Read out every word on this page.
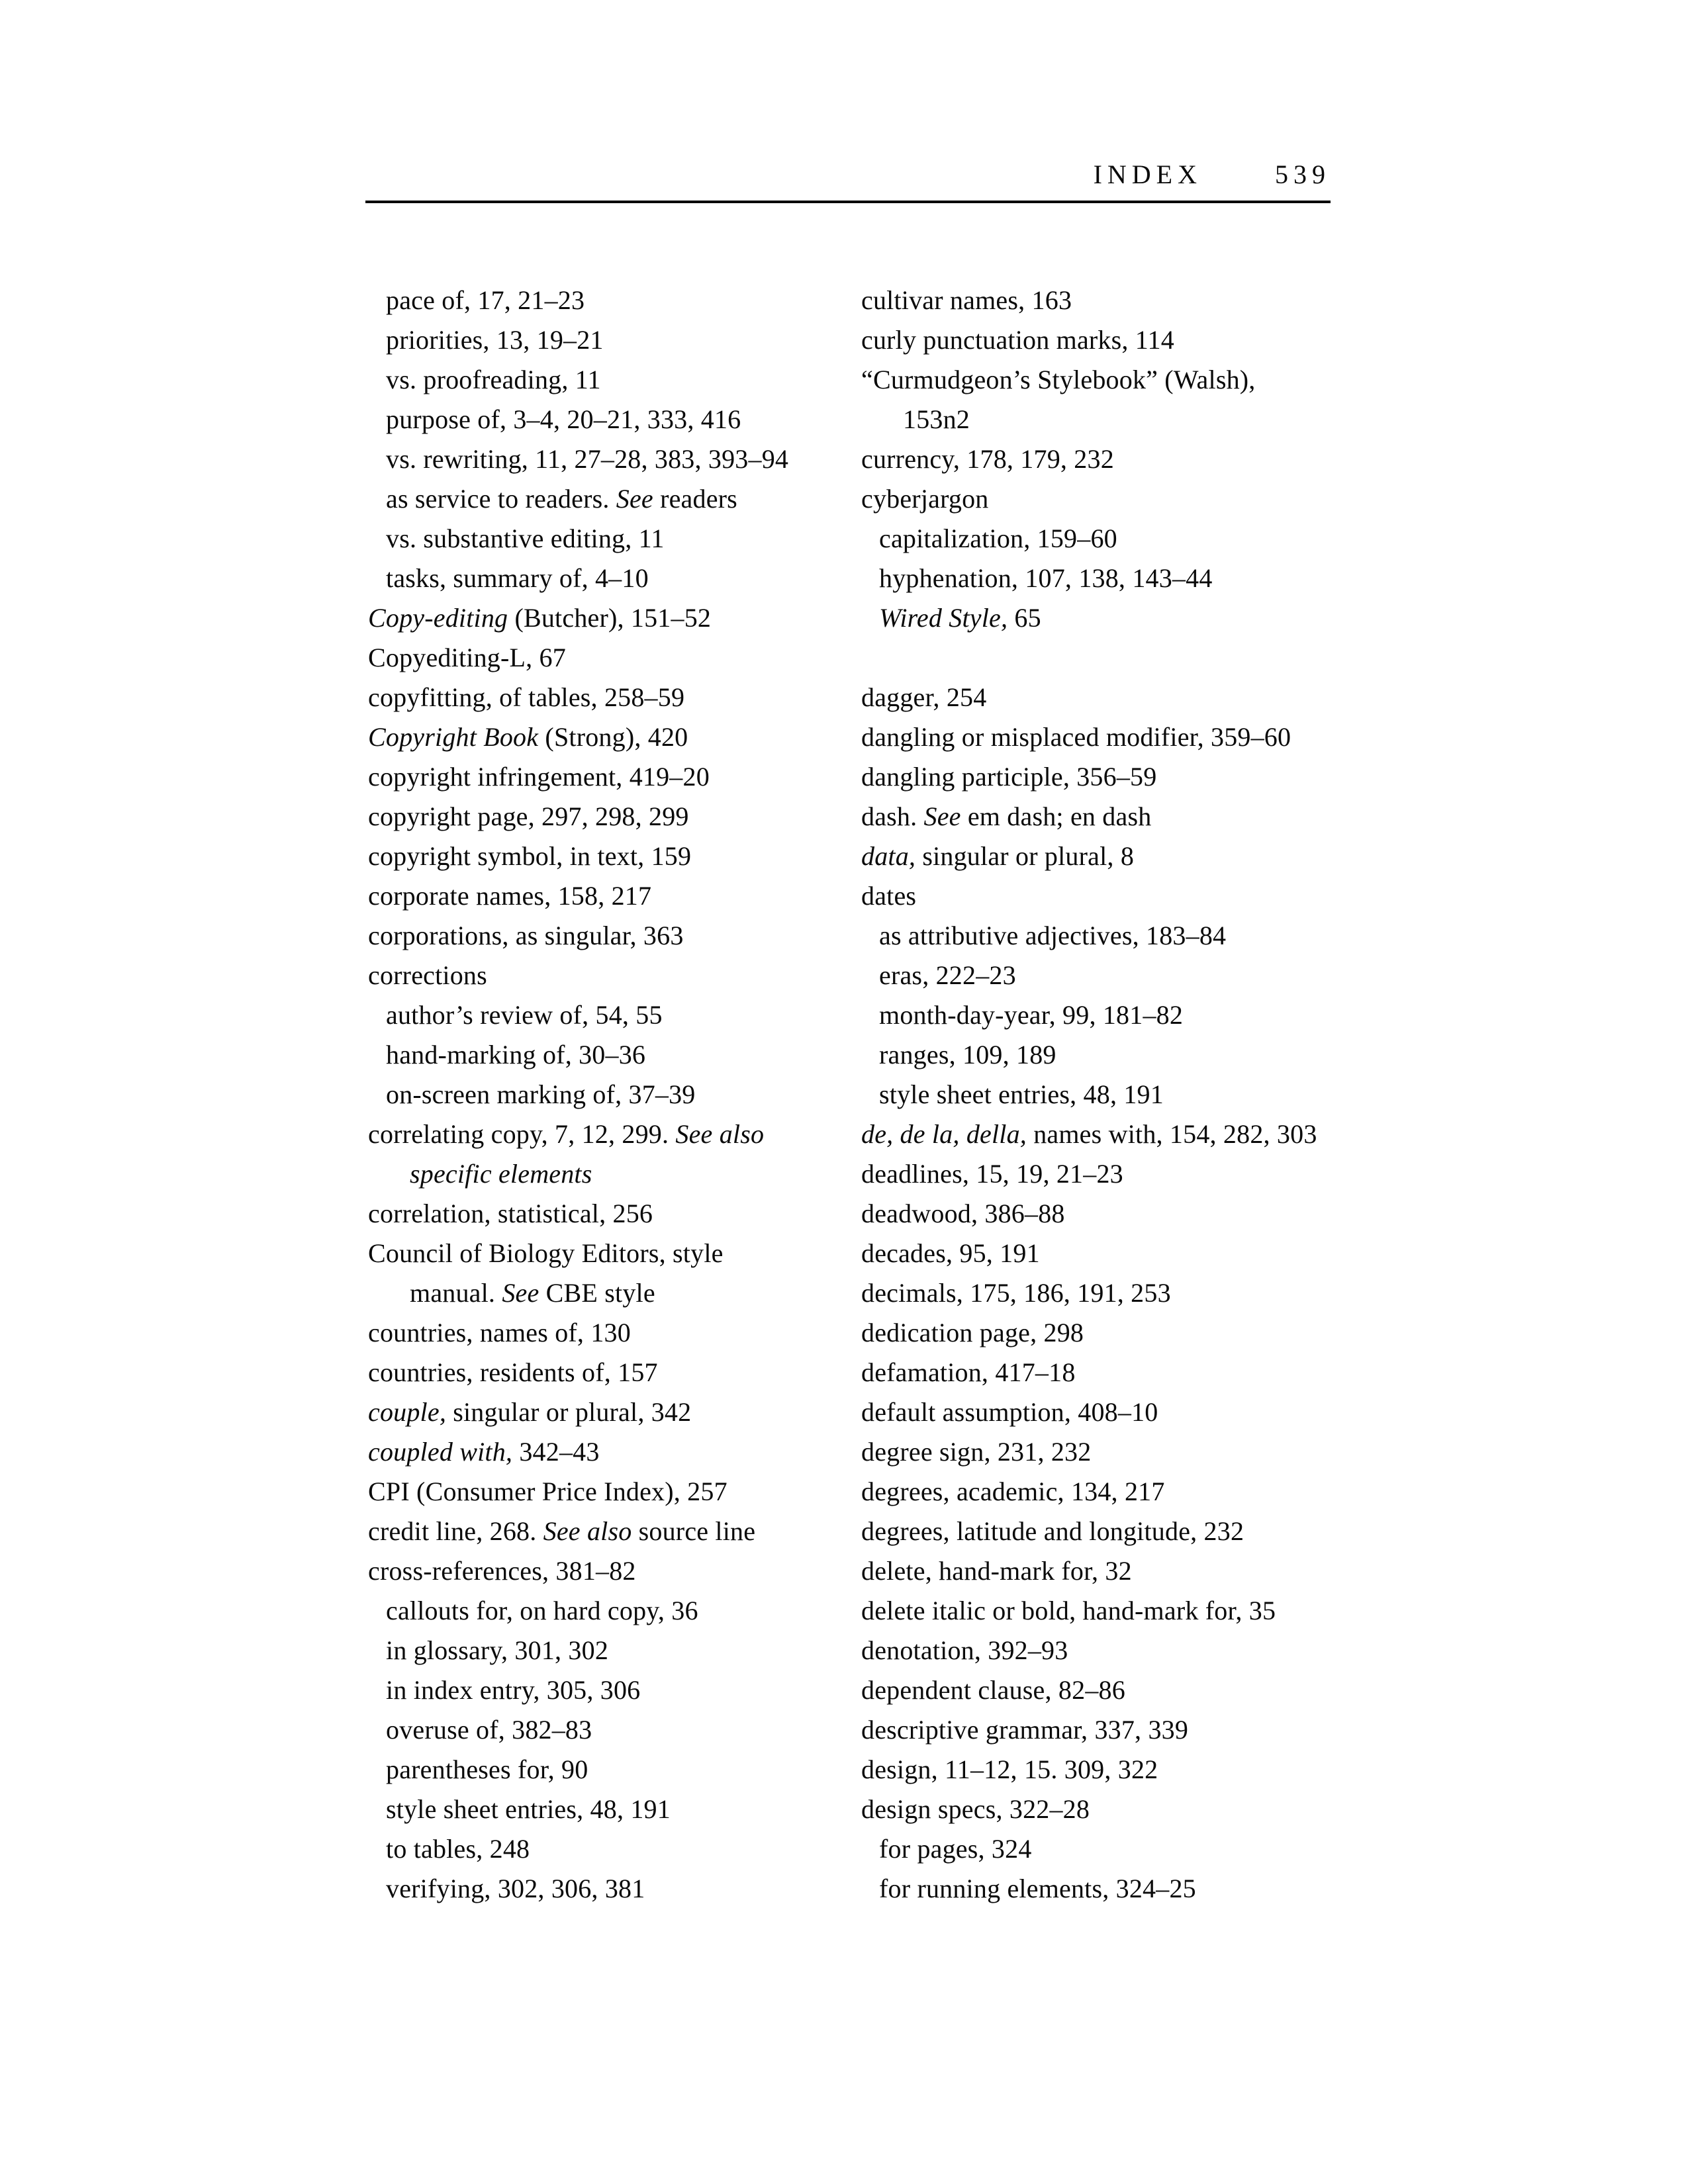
INDEX	539
pace of, 17, 21–23
priorities, 13, 19–21
vs. proofreading, 11
purpose of, 3–4, 20–21, 333, 416
vs. rewriting, 11, 27–28, 383, 393–94
as service to readers. See readers
vs. substantive editing, 11
tasks, summary of, 4–10
Copy-editing (Butcher), 151–52
Copyediting-L, 67
copyfitting, of tables, 258–59
Copyright Book (Strong), 420
copyright infringement, 419–20
copyright page, 297, 298, 299
copyright symbol, in text, 159
corporate names, 158, 217
corporations, as singular, 363
corrections
author’s review of, 54, 55
hand-marking of, 30–36
on-screen marking of, 37–39
correlating copy, 7, 12, 299. See also
specific elements
correlation, statistical, 256
Council of Biology Editors, style
manual. See CBE style
countries, names of, 130
countries, residents of, 157
couple, singular or plural, 342
coupled with, 342–43
CPI (Consumer Price Index), 257
credit line, 268. See also source line
cross-references, 381–82
callouts for, on hard copy, 36
in glossary, 301, 302
in index entry, 305, 306
overuse of, 382–83
parentheses for, 90
style sheet entries, 48, 191
to tables, 248
verifying, 302, 306, 381
cultivar names, 163
curly punctuation marks, 114
“Curmudgeon’s Stylebook” (Walsh),
153n2
currency, 178, 179, 232
cyberjargon
capitalization, 159–60
hyphenation, 107, 138, 143–44
Wired Style, 65
dagger, 254
dangling or misplaced modifier, 359–60
dangling participle, 356–59
dash. See em dash; en dash
data, singular or plural, 8
dates
as attributive adjectives, 183–84
eras, 222–23
month-day-year, 99, 181–82
ranges, 109, 189
style sheet entries, 48, 191
de, de la, della, names with, 154, 282, 303
deadlines, 15, 19, 21–23
deadwood, 386–88
decades, 95, 191
decimals, 175, 186, 191, 253
dedication page, 298
defamation, 417–18
default assumption, 408–10
degree sign, 231, 232
degrees, academic, 134, 217
degrees, latitude and longitude, 232
delete, hand-mark for, 32
delete italic or bold, hand-mark for, 35
denotation, 392–93
dependent clause, 82–86
descriptive grammar, 337, 339
design, 11–12, 15. 309, 322
design specs, 322–28
for pages, 324
for running elements, 324–25
